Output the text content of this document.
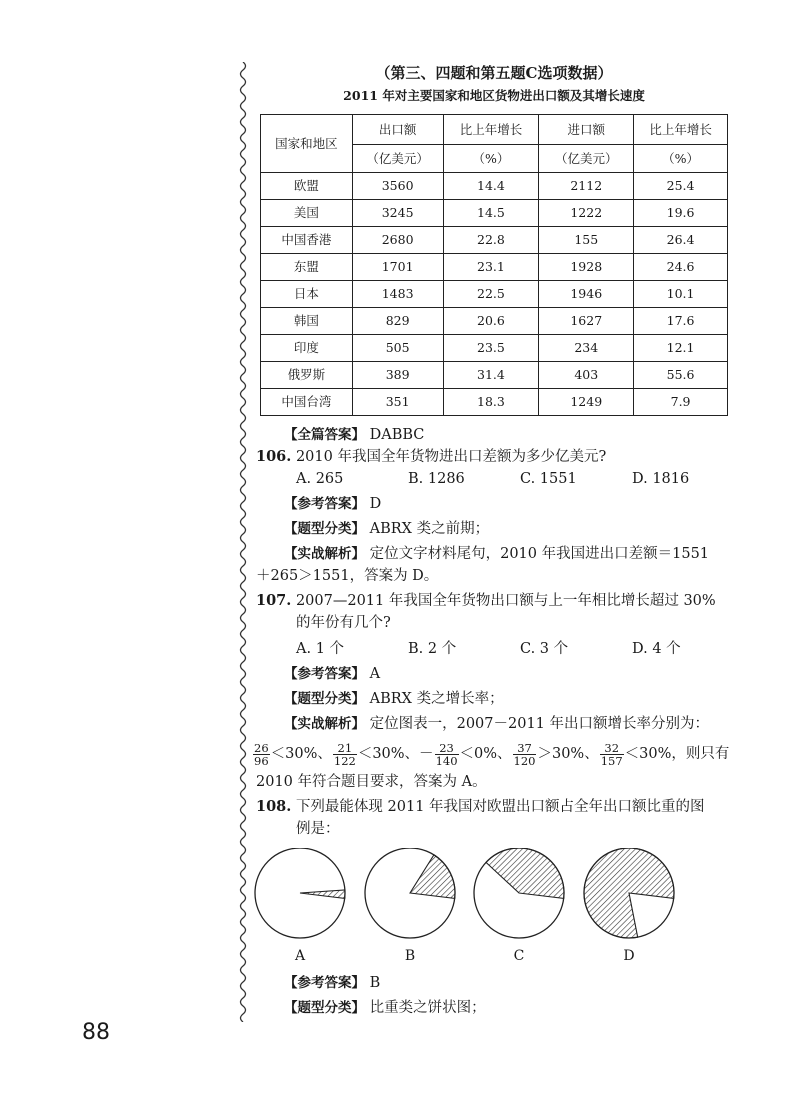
（第三、四题和第五题C选项数据）

2011 年对主要国家和地区货物进出口额及其增长速度

国家和地区	出口额	比上年增长	进口额	比上年增长
	（亿美元）	（%）	（亿美元）	（%）
欧盟	3560	14.4	2112	25.4
美国	3245	14.5	1222	19.6
中国香港	2680	22.8	155	26.4
东盟	1701	23.1	1928	24.6
日本	1483	22.5	1946	10.1
韩国	829	20.6	1627	17.6
印度	505	23.5	234	12.1
俄罗斯	389	31.4	403	55.6
中国台湾	351	18.3	1249	7.9

【全篇答案】 DABBC

106. 2010 年我国全年货物进出口差额为多少亿美元?

A. 265	B. 1286	C. 1551	D. 1816

【参考答案】 D

【题型分类】 ABRX 类之前期；

【实战解析】 定位文字材料尾句，2010 年我国进出口差额＝1551

＋265＞1551，答案为 D。

107. 2007—2011 年我国全年货物出口额与上一年相比增长超过 30%

的年份有几个?

A. 1 个	B. 2 个	C. 3 个	D. 4 个

【参考答案】 A

【题型分类】 ABRX 类之增长率；

【实战解析】 定位图表一，2007－2011 年出口额增长率分别为：

$\frac{26}{96} <30\%$、 $\frac{21}{122} <30\%$、－ $\frac{23}{140} <0\%$、 $\frac{37}{120} >30\%$、 $\frac{32}{157} <30\%$，则只有

2010 年符合题目要求，答案为 A。

108. 下列最能体现 2011 年我国对欧盟出口额占全年出口额比重的图

例是：

A	B	C	D

【参考答案】 B

【题型分类】 比重类之饼状图；

88
